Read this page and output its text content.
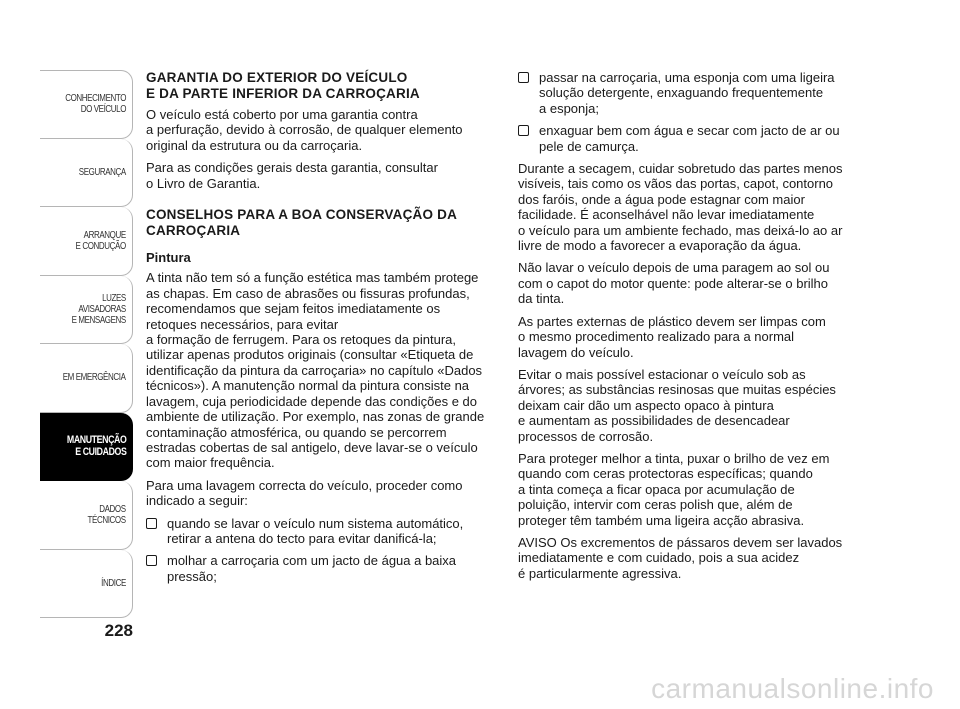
CONHECIMENTO
DO VEÍCULO
SEGURANÇA
ARRANQUE
E CONDUÇÃO
LUZES
AVISADORAS
E MENSAGENS
EM EMERGÊNCIA
MANUTENÇÃO
E CUIDADOS
DADOS
TÉCNICOS
ÍNDICE
228
GARANTIA DO EXTERIOR DO VEÍCULO
E DA PARTE INFERIOR DA CARROÇARIA

O veículo está coberto por uma garantia contra
a perfuração, devido à corrosão, de qualquer elemento original da estrutura ou da carroçaria.

Para as condições gerais desta garantia, consultar
o Livro de Garantia.

CONSELHOS PARA A BOA CONSERVAÇÃO DA CARROÇARIA
Pintura

A tinta não tem só a função estética mas também protege as chapas. Em caso de abrasões ou fissuras profundas, recomendamos que sejam feitos imediatamente os retoques necessários, para evitar
a formação de ferrugem. Para os retoques da pintura, utilizar apenas produtos originais (consultar «Etiqueta de identificação da pintura da carroçaria» no capítulo «Dados técnicos»). A manutenção normal da pintura consiste na lavagem, cuja periodicidade depende das condições e do ambiente de utilização. Por exemplo, nas zonas de grande contaminação atmosférica, ou quando se percorrem estradas cobertas de sal antigelo, deve lavar-se o veículo com maior frequência.

Para uma lavagem correcta do veículo, proceder como indicado a seguir:

quando se lavar o veículo num sistema automático, retirar a antena do tecto para evitar danificá-la;
molhar a carroçaria com um jacto de água a baixa pressão;
passar na carroçaria, uma esponja com uma ligeira solução detergente, enxaguando frequentemente
a esponja;
enxaguar bem com água e secar com jacto de ar ou pele de camurça.

Durante a secagem, cuidar sobretudo das partes menos visíveis, tais como os vãos das portas, capot, contorno dos faróis, onde a água pode estagnar com maior facilidade. É aconselhável não levar imediatamente
o veículo para um ambiente fechado, mas deixá-lo ao ar livre de modo a favorecer a evaporação da água.

Não lavar o veículo depois de uma paragem ao sol ou com o capot do motor quente: pode alterar-se o brilho da tinta.

As partes externas de plástico devem ser limpas com
o mesmo procedimento realizado para a normal lavagem do veículo.

Evitar o mais possível estacionar o veículo sob as árvores; as substâncias resinosas que muitas espécies deixam cair dão um aspecto opaco à pintura
e aumentam as possibilidades de desencadear processos de corrosão.

Para proteger melhor a tinta, puxar o brilho de vez em quando com ceras protectoras específicas; quando
a tinta começa a ficar opaca por acumulação de poluição, intervir com ceras polish que, além de proteger têm também uma ligeira acção abrasiva.

AVISO Os excrementos de pássaros devem ser lavados imediatamente e com cuidado, pois a sua acidez
é particularmente agressiva.

carmanualsonline.info
